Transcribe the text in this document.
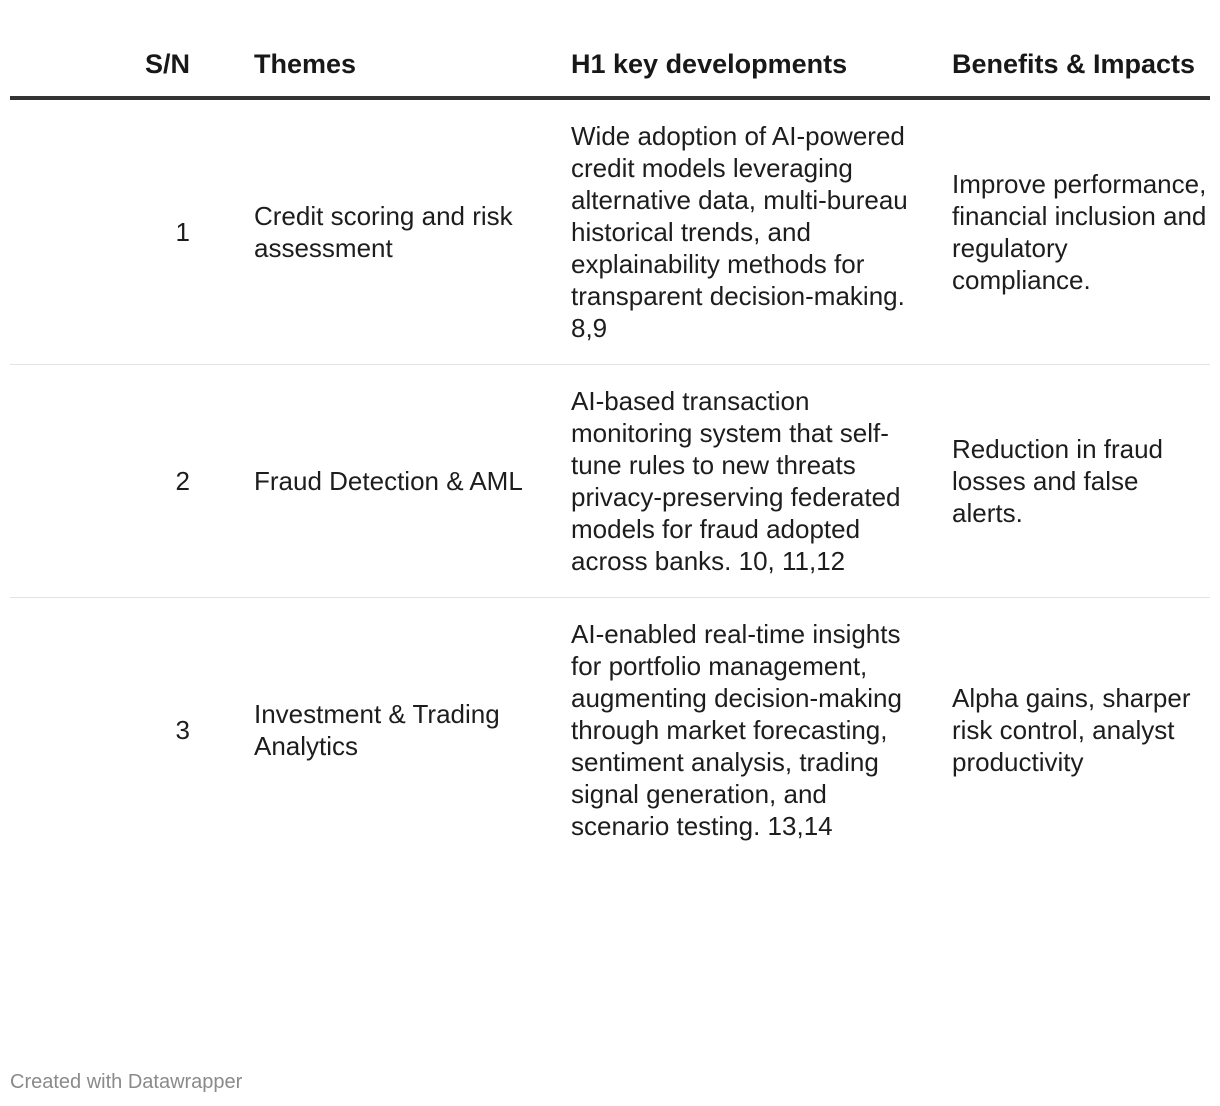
S/N	Themes	H1 key developments	Benefits & Impacts
1	Credit scoring and risk assessment	Wide adoption of AI-powered credit models leveraging alternative data, multi-bureau historical trends, and explainability methods for transparent decision-making. 8,9	Improve performance, financial inclusion and regulatory compliance.
2	Fraud Detection & AML	AI-based transaction monitoring system that self-tune rules to new threats privacy-preserving federated models for fraud adopted across banks. 10, 11,12	Reduction in fraud losses and false alerts.
3	Investment & Trading Analytics	AI-enabled real-time insights for portfolio management, augmenting decision-making through market forecasting, sentiment analysis, trading signal generation, and scenario testing. 13,14	Alpha gains, sharper risk control, analyst productivity
Created with Datawrapper
